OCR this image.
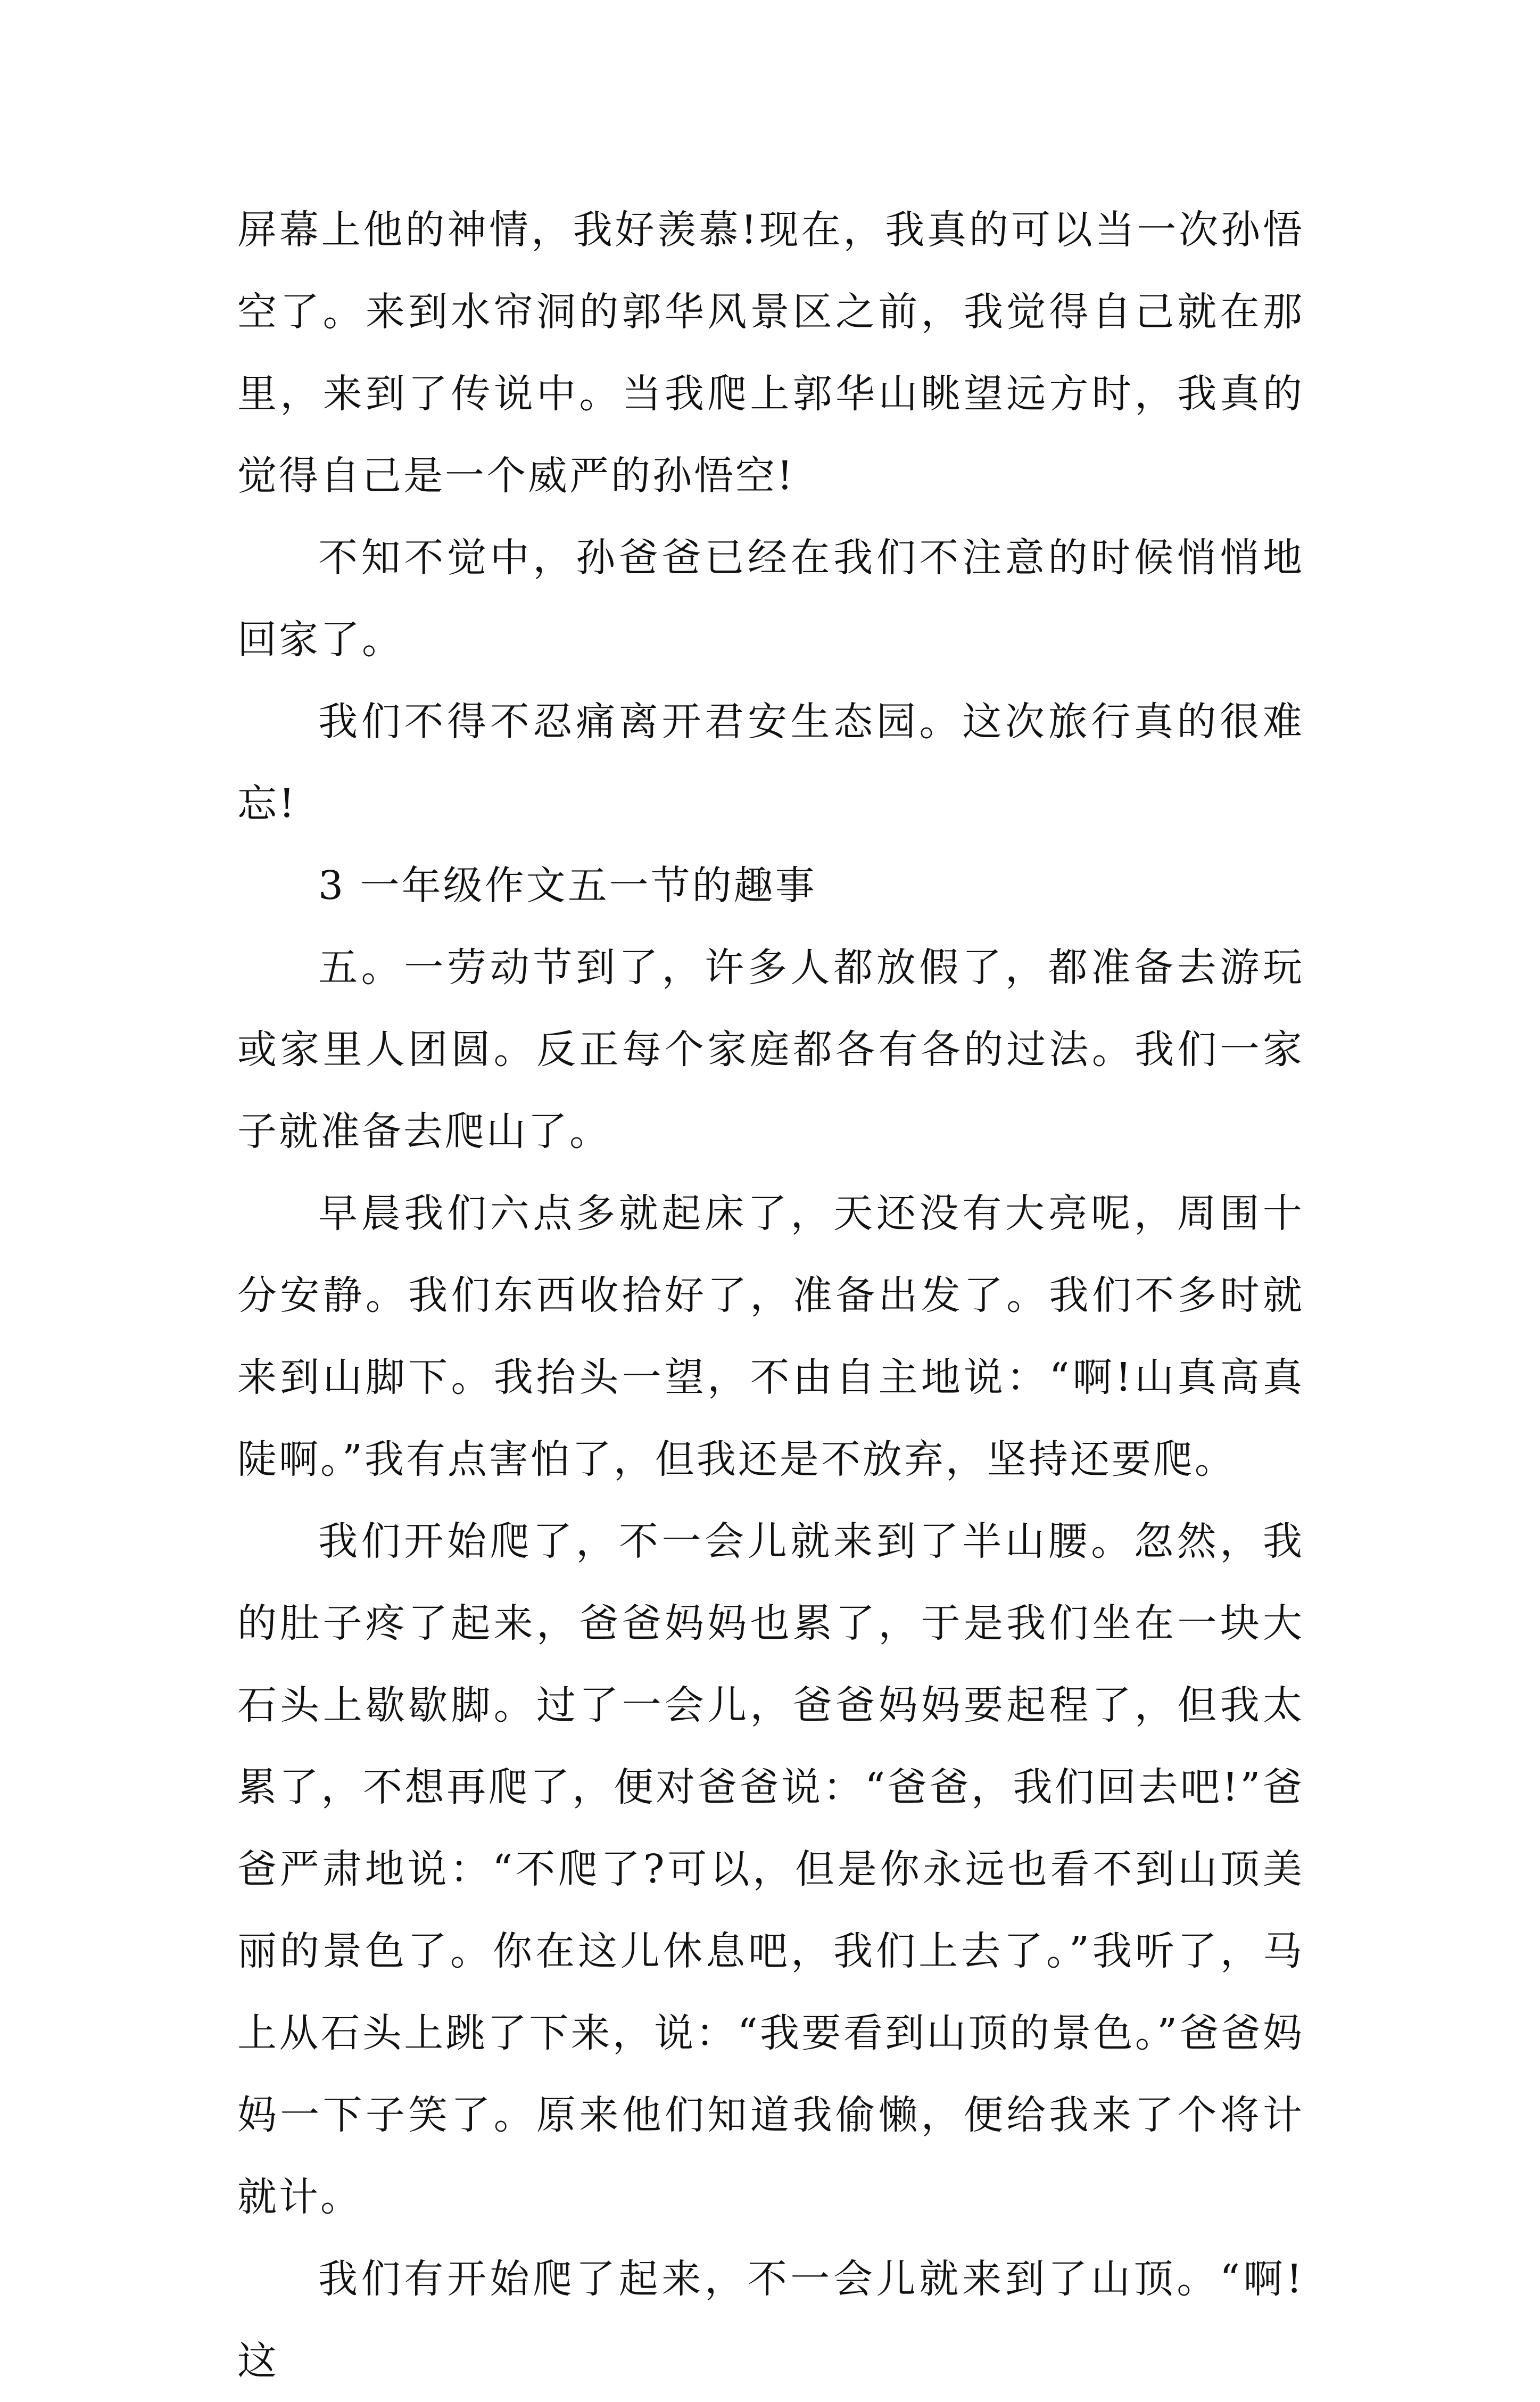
屏幕上他的神情，我好羡慕!现在，我真的可以当一次孙悟空了。来到水帘洞的郭华风景区之前，我觉得自己就在那里，来到了传说中。当我爬上郭华山眺望远方时，我真的觉得自己是一个威严的孙悟空!

不知不觉中，孙爸爸已经在我们不注意的时候悄悄地回家了。

我们不得不忍痛离开君安生态园。这次旅行真的很难忘!

3 一年级作文五一节的趣事

五。一劳动节到了，许多人都放假了，都准备去游玩或家里人团圆。反正每个家庭都各有各的过法。我们一家子就准备去爬山了。

早晨我们六点多就起床了，天还没有大亮呢，周围十分安静。我们东西收拾好了，准备出发了。我们不多时就来到山脚下。我抬头一望，不由自主地说：“啊!山真高真陡啊。”我有点害怕了，但我还是不放弃，坚持还要爬。

我们开始爬了，不一会儿就来到了半山腰。忽然，我的肚子疼了起来，爸爸妈妈也累了，于是我们坐在一块大石头上歇歇脚。过了一会儿，爸爸妈妈要起程了，但我太累了，不想再爬了，便对爸爸说：“爸爸，我们回去吧!”爸爸严肃地说：“不爬了?可以，但是你永远也看不到山顶美丽的景色了。你在这儿休息吧，我们上去了。”我听了，马上从石头上跳了下来，说：“我要看到山顶的景色。”爸爸妈妈一下子笑了。原来他们知道我偷懒，便给我来了个将计就计。

我们有开始爬了起来，不一会儿就来到了山顶。“啊!这
